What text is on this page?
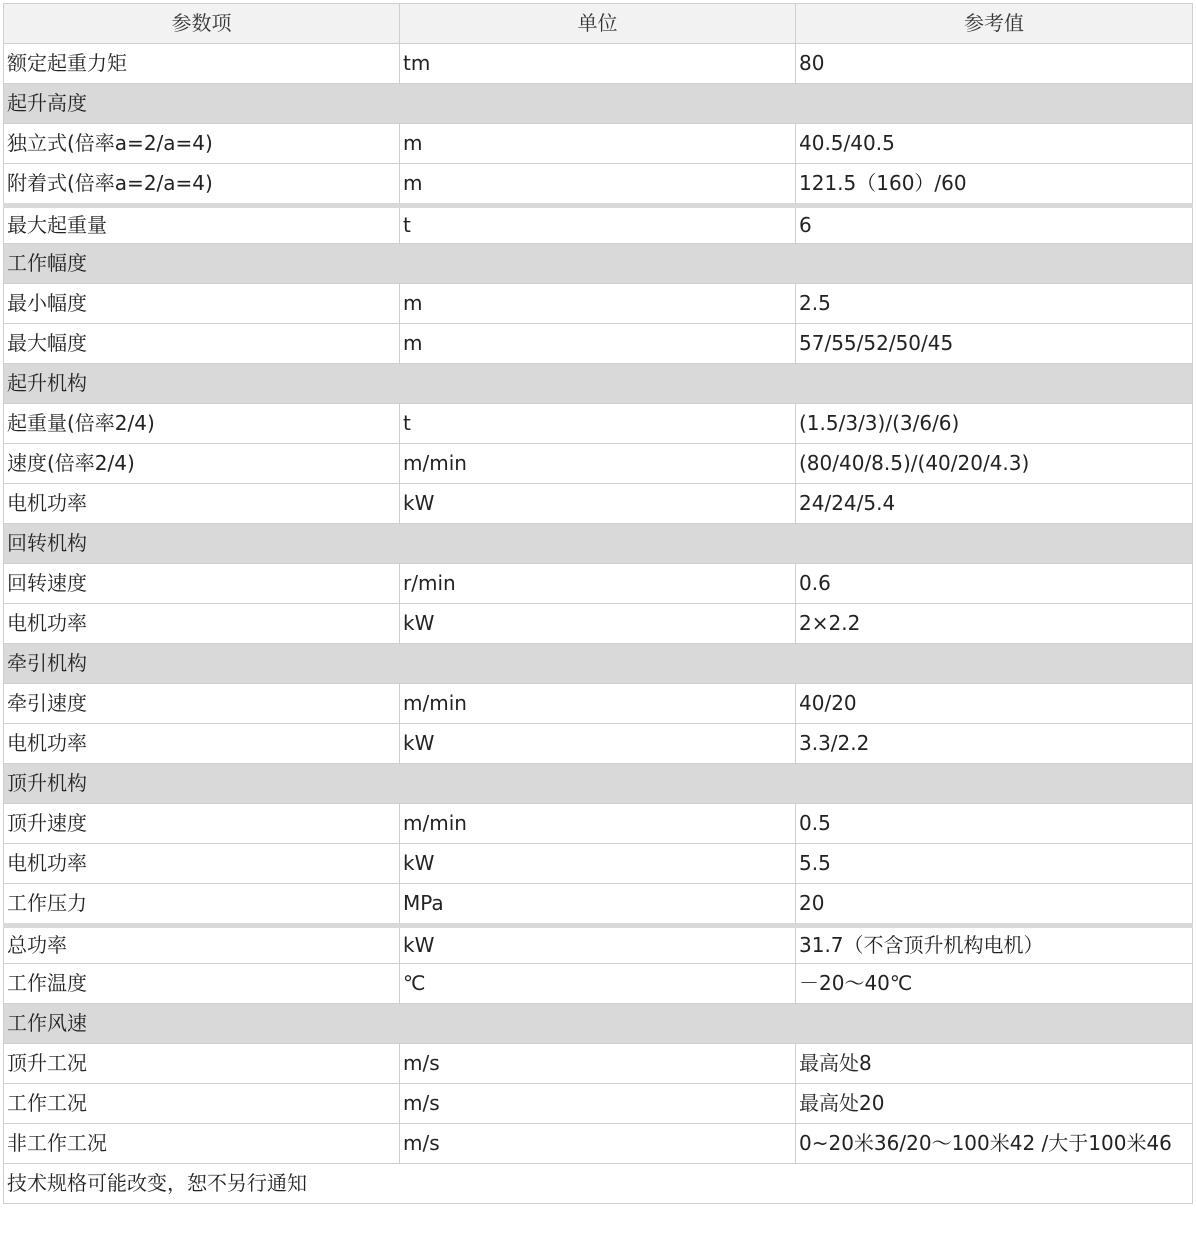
参数项	单位	参考值
额定起重力矩	tm	80
起升高度		
独立式(倍率a=2/a=4)	m	40.5/40.5
附着式(倍率a=2/a=4)	m	121.5（160）/60
最大起重量	t	6
工作幅度		
最小幅度	m	2.5
最大幅度	m	57/55/52/50/45
起升机构		
起重量(倍率2/4)	t	(1.5/3/3)/(3/6/6)
速度(倍率2/4)	m/min	(80/40/8.5)/(40/20/4.3)
电机功率	kW	24/24/5.4
回转机构		
回转速度	r/min	0.6
电机功率	kW	2×2.2
牵引机构		
牵引速度	m/min	40/20
电机功率	kW	3.3/2.2
顶升机构		
顶升速度	m/min	0.5
电机功率	kW	5.5
工作压力	MPa	20
总功率	kW	31.7（不含顶升机构电机）
工作温度	℃	－20～40℃
工作风速		
顶升工况	m/s	最高处8
工作工况	m/s	最高处20
非工作工况	m/s	0~20米36/20～100米42 /大于100米46
技术规格可能改变，恕不另行通知		
